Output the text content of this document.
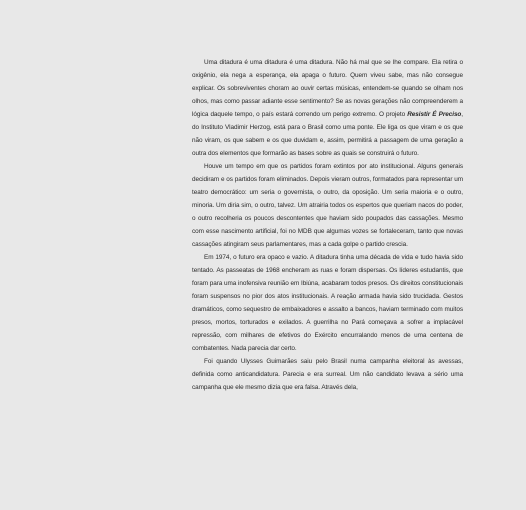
Uma ditadura é uma ditadura é uma ditadura. Não há mal que se lhe compare. Ela retira o oxigênio, ela nega a esperança, ela apaga o futuro. Quem viveu sabe, mas não consegue explicar. Os sobreviventes choram ao ouvir certas músicas, entendem-se quando se olham nos olhos, mas como passar adiante esse sentimento? Se as novas gerações não compreenderem a lógica daquele tempo, o país estará correndo um perigo extremo. O projeto Resistir É Preciso, do Instituto Vladimir Herzog, está para o Brasil como uma ponte. Ele liga os que viram e os que não viram, os que sabem e os que duvidam e, assim, permitirá a passagem de uma geração a outra dos elementos que formarão as bases sobre as quais se construirá o futuro.

Houve um tempo em que os partidos foram extintos por ato institucional. Alguns generais decidiram e os partidos foram eliminados. Depois vieram outros, formatados para representar um teatro democrático: um seria o governista, o outro, da oposição. Um seria maioria e o outro, minoria. Um diria sim, o outro, talvez. Um atrairia todos os espertos que queriam nacos do poder, o outro recolheria os poucos descontentes que haviam sido poupados das cassações. Mesmo com esse nascimento artificial, foi no MDB que algumas vozes se fortaleceram, tanto que novas cassações atingiram seus parlamentares, mas a cada golpe o partido crescia.

Em 1974, o futuro era opaco e vazio. A ditadura tinha uma década de vida e tudo havia sido tentado. As passeatas de 1968 encheram as ruas e foram dispersas. Os líderes estudantis, que foram para uma inofensiva reunião em Ibiúna, acabaram todos presos. Os direitos constitucionais foram suspensos no pior dos atos institucionais. A reação armada havia sido trucidada. Gestos dramáticos, como sequestro de embaixadores e assalto a bancos, haviam terminado com muitos presos, mortos, torturados e exilados. A guerrilha no Pará começava a sofrer a implacável repressão, com milhares de efetivos do Exército encurralando menos de uma centena de combatentes. Nada parecia dar certo.

Foi quando Ulysses Guimarães saiu pelo Brasil numa campanha eleitoral às avessas, definida como anticandidatura. Parecia e era surreal. Um não candidato levava a sério uma campanha que ele mesmo dizia que era falsa. Através dela,
